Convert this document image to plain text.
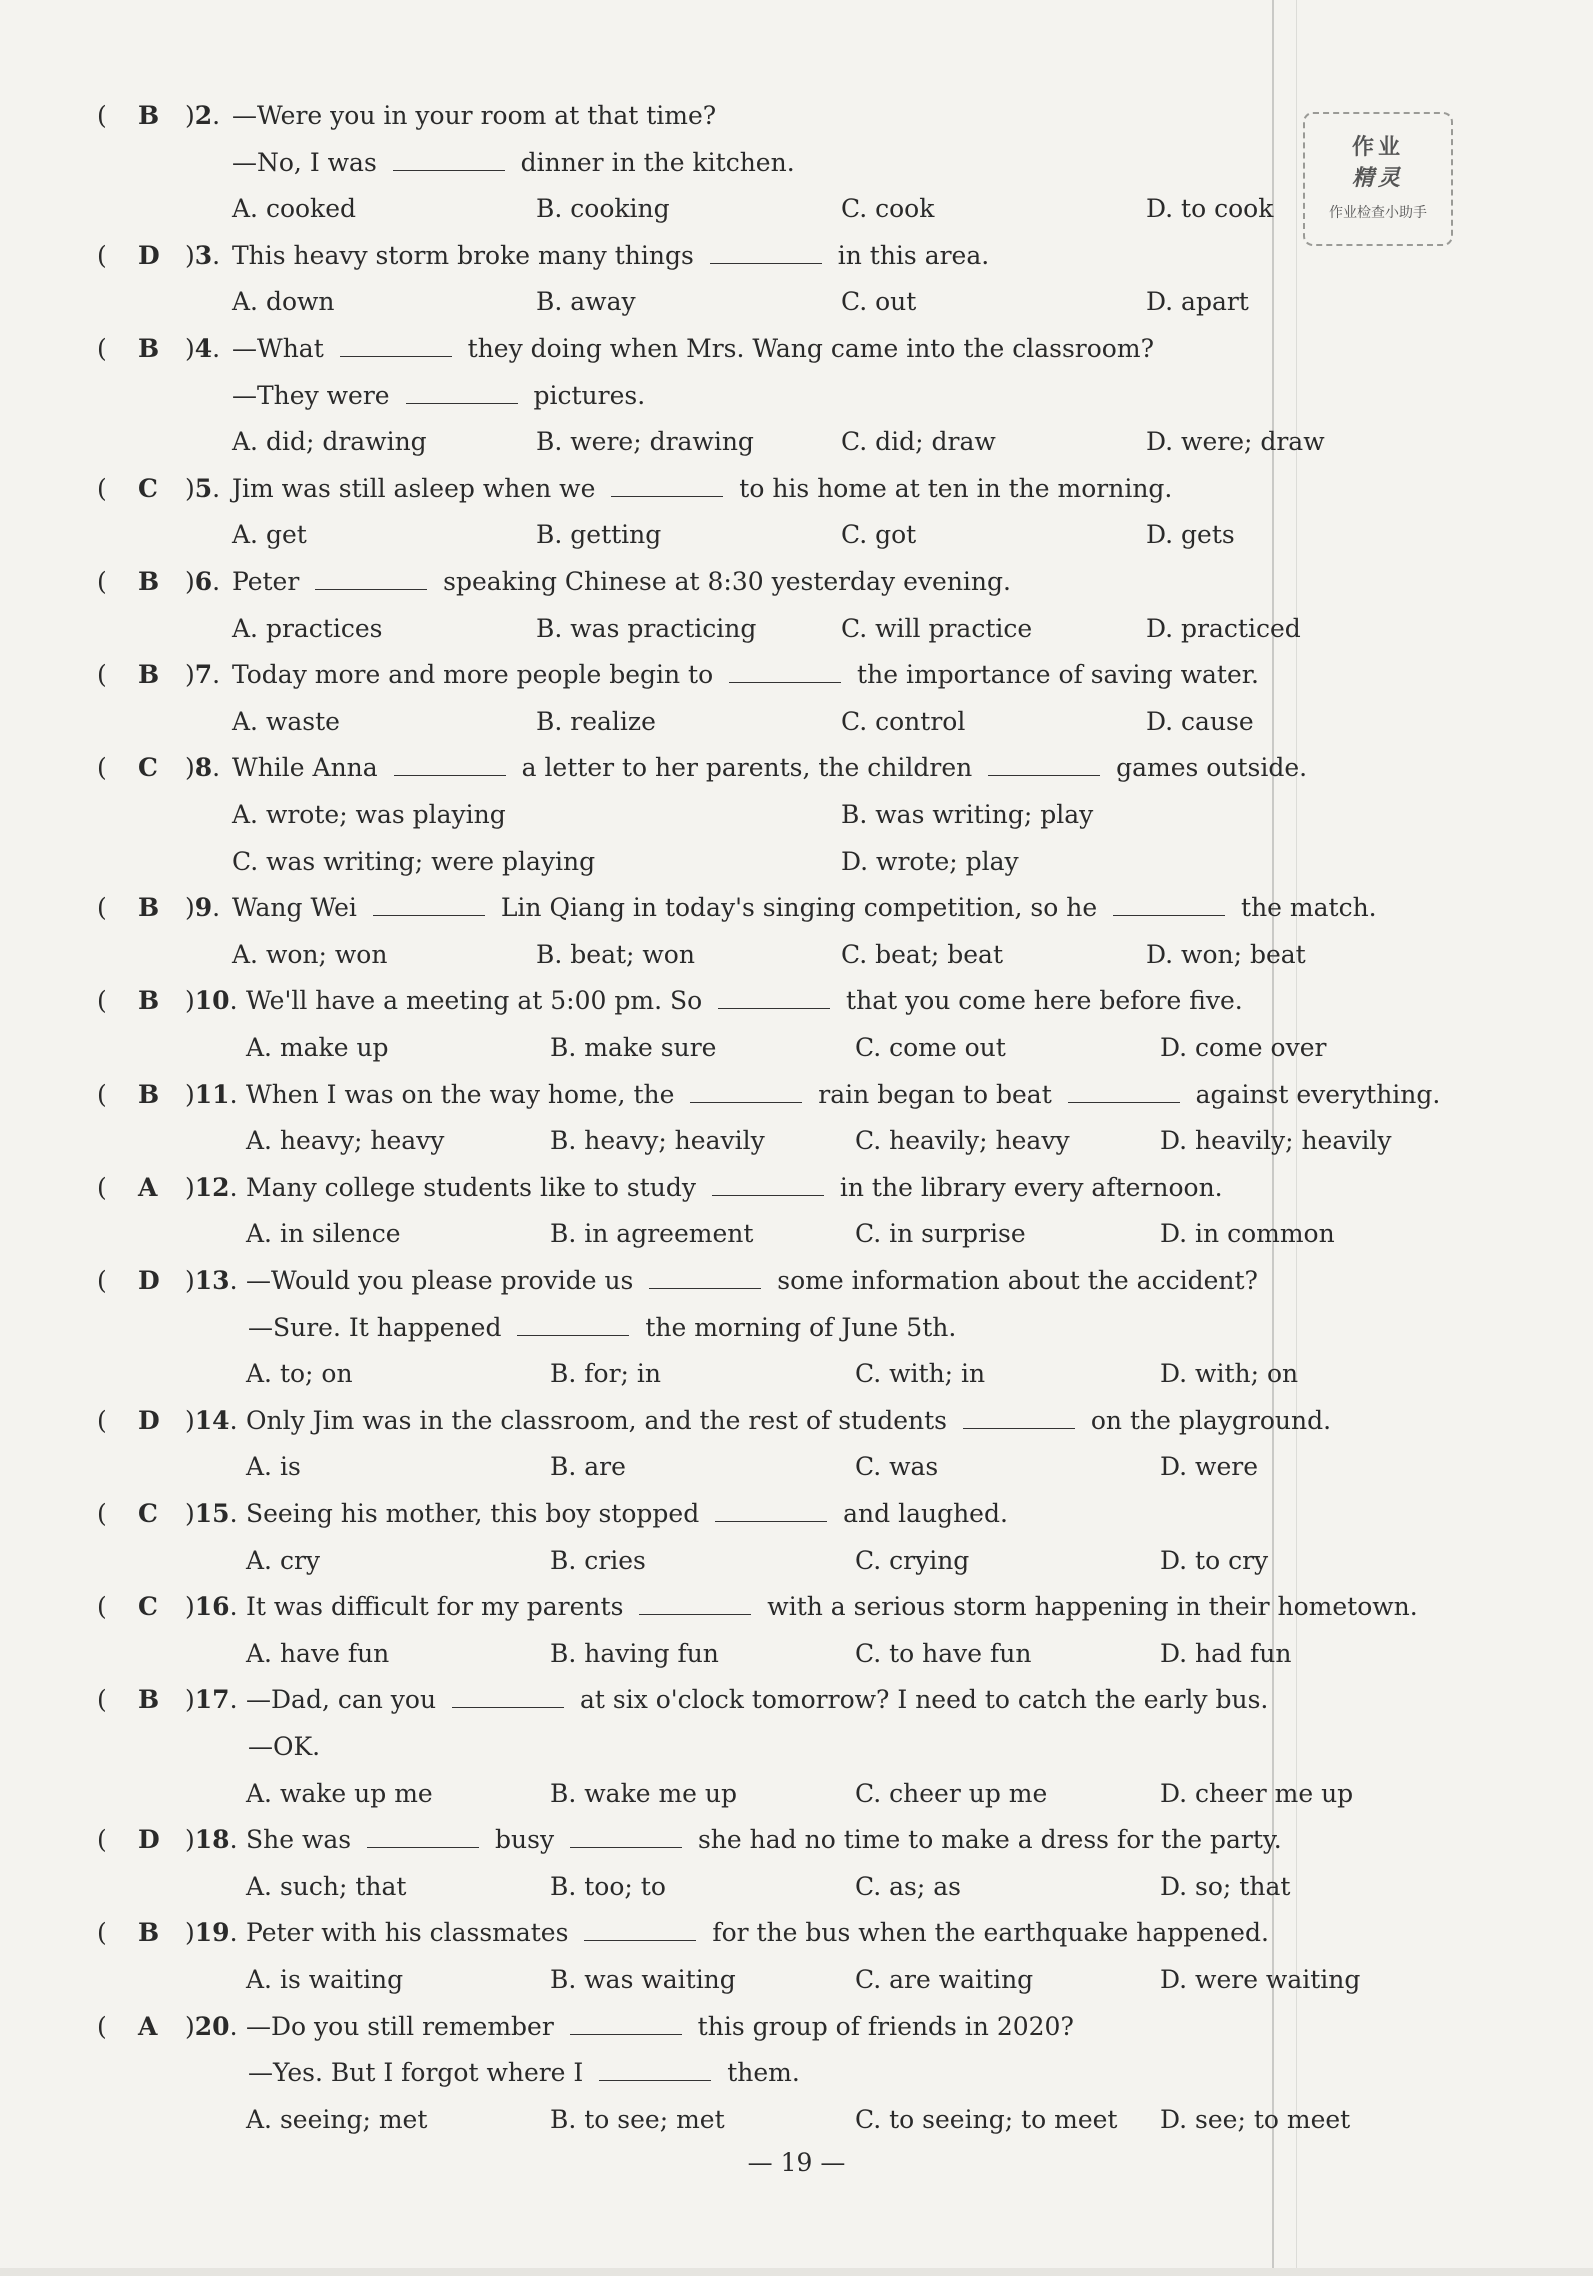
作业
精灵
作业检查小助手
( B )2. —Were you in your room at that time?
—No, I was	dinner in the kitchen.
A. cooked	B. cooking	C. cook	D. to cook
( D )3. This heavy storm broke many things	in this area.
A. down	B. away	C. out	D. apart
( B )4. —What	they doing when Mrs. Wang came into the classroom?
—They were	pictures.
A. did; drawing	B. were; drawing	C. did; draw	D. were; draw
( C )5. Jim was still asleep when we	to his home at ten in the morning.
A. get	B. getting	C. got	D. gets
( B )6. Peter	speaking Chinese at 8:30 yesterday evening.
A. practices	B. was practicing	C. will practice	D. practiced
( B )7. Today more and more people begin to	the importance of saving water.
A. waste	B. realize	C. control	D. cause
( C )8. While Anna	a letter to her parents, the children	games outside.
A. wrote; was playing	B. was writing; play
C. was writing; were playing	D. wrote; play
( B )9. Wang Wei	Lin Qiang in today's singing competition, so he	the match.
A. won; won	B. beat; won	C. beat; beat	D. won; beat
( B )10. We'll have a meeting at 5:00 pm. So	that you come here before five.
A. make up	B. make sure	C. come out	D. come over
( B )11. When I was on the way home, the	rain began to beat	against everything.
A. heavy; heavy	B. heavy; heavily	C. heavily; heavy	D. heavily; heavily
( A )12. Many college students like to study	in the library every afternoon.
A. in silence	B. in agreement	C. in surprise	D. in common
( D )13. —Would you please provide us	some information about the accident?
—Sure. It happened	the morning of June 5th.
A. to; on	B. for; in	C. with; in	D. with; on
( D )14. Only Jim was in the classroom, and the rest of students	on the playground.
A. is	B. are	C. was	D. were
( C )15. Seeing his mother, this boy stopped	and laughed.
A. cry	B. cries	C. crying	D. to cry
( C )16. It was difficult for my parents	with a serious storm happening in their hometown.
A. have fun	B. having fun	C. to have fun	D. had fun
( B )17. —Dad, can you	at six o'clock tomorrow? I need to catch the early bus.
—OK.
A. wake up me	B. wake me up	C. cheer up me	D. cheer me up
( D )18. She was	busy	she had no time to make a dress for the party.
A. such; that	B. too; to	C. as; as	D. so; that
( B )19. Peter with his classmates	for the bus when the earthquake happened.
A. is waiting	B. was waiting	C. are waiting	D. were waiting
( A )20. —Do you still remember	this group of friends in 2020?
—Yes. But I forgot where I	them.
A. seeing; met	B. to see; met	C. to seeing; to meet D. see; to meet
— 19 —
